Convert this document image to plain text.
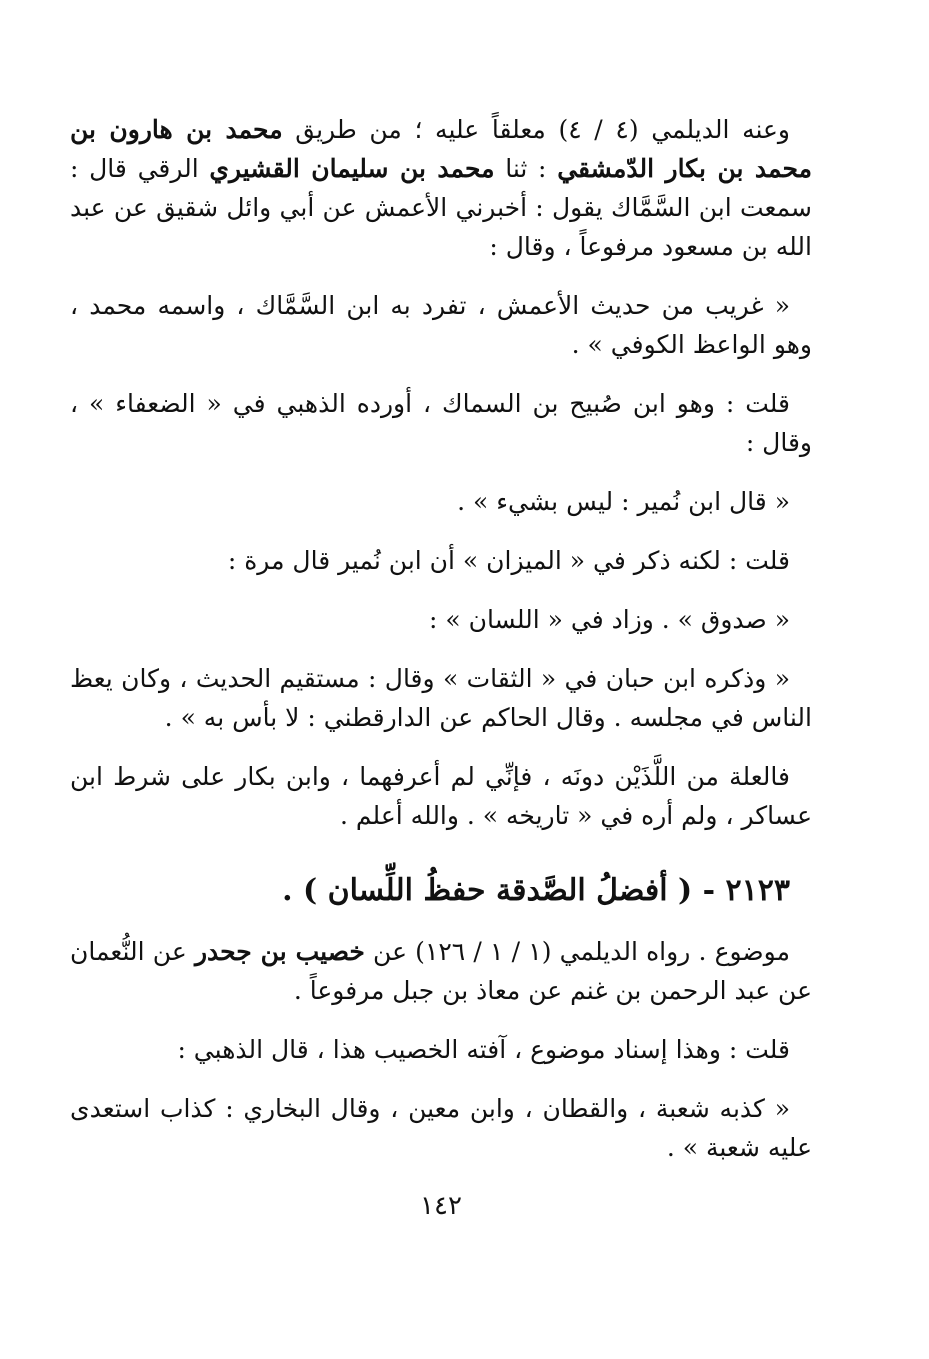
وعنه الديلمي (٤ / ٤) معلقاً عليه ؛ من طريق محمد بن هارون بن محمد بن بكار الدّمشقي : ثنا محمد بن سليمان القشيري الرقي قال : سمعت ابن السَّمَّاك يقول : أخبرني الأعمش عن أبي وائل شقيق عن عبد الله بن مسعود مرفوعاً ، وقال :

« غريب من حديث الأعمش ، تفرد به ابن السَّمَّاك ، واسمه محمد ، وهو الواعظ الكوفي » .

قلت : وهو ابن صُبيح بن السماك ، أورده الذهبي في « الضعفاء » ، وقال :

« قال ابن نُمير : ليس بشيء » .

قلت : لكنه ذكر في « الميزان » أن ابن نُمير قال مرة :

« صدوق » . وزاد في « اللسان » :

« وذكره ابن حبان في « الثقات » وقال : مستقيم الحديث ، وكان يعظ الناس في مجلسه . وقال الحاكم عن الدارقطني : لا بأس به » .

فالعلة من اللَّذَيْن دونَه ، فإنِّي لم أعرفهما ، وابن بكار على شرط ابن عساكر ، ولم أره في « تاريخه » . والله أعلم .

٢١٢٣ - ( أفضلُ الصَّدقة حفظُ اللِّسان ) .

موضوع . رواه الديلمي (١ / ١ / ١٢٦) عن خصيب بن جحدر عن النُّعمان عن عبد الرحمن بن غنم عن معاذ بن جبل مرفوعاً .

قلت : وهذا إسناد موضوع ، آفته الخصيب هذا ، قال الذهبي :

« كذبه شعبة ، والقطان ، وابن معين ، وقال البخاري : كذاب استعدى عليه شعبة » .

١٤٢
